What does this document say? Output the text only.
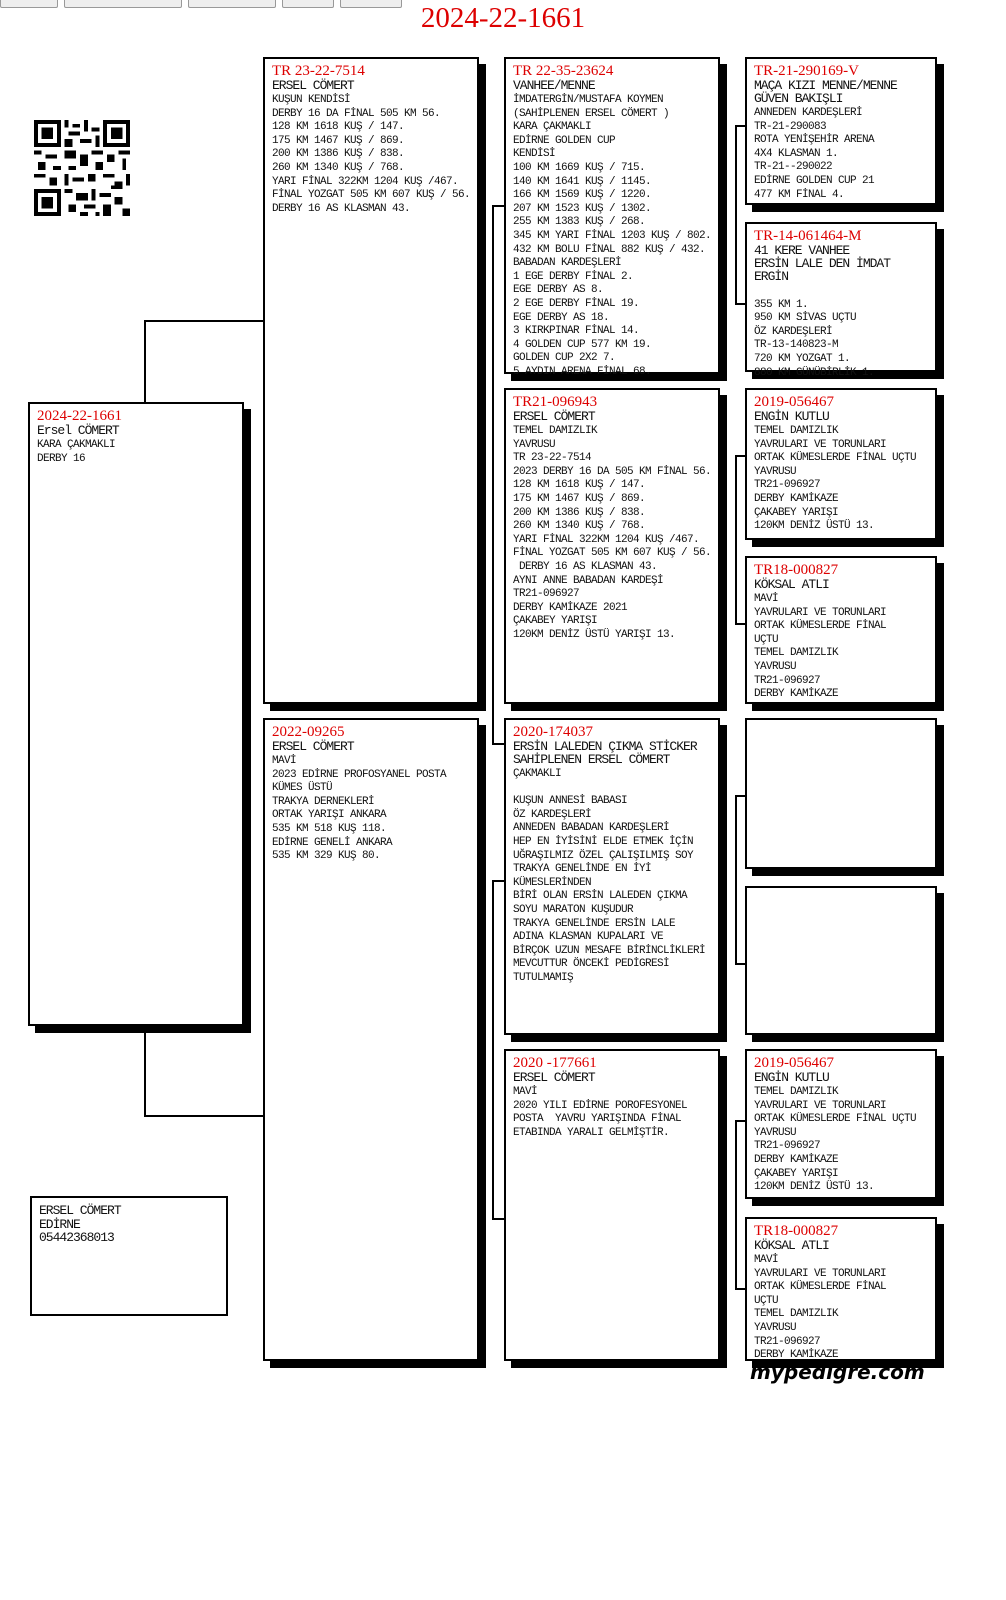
2024-22-1661
2024-22-1661
Ersel CÖMERT
KARA ÇAKMAKLI
DERBY 16
TR 23-22-7514
ERSEL CÖMERT
KUŞUN KENDİSİ
DERBY 16 DA FİNAL 505 KM 56.
128 KM 1618 KUŞ / 147.
175 KM 1467 KUŞ / 869.
200 KM 1386 KUŞ / 838.
260 KM 1340 KUŞ / 768.
YARI FİNAL 322KM 1204 KUŞ /467.
FİNAL YOZGAT 505 KM 607 KUŞ / 56.
DERBY 16 AS KLASMAN 43.
2022-09265
ERSEL CÖMERT
MAVİ
2023 EDİRNE PROFOSYANEL POSTA
KÜMES ÜSTÜ
TRAKYA DERNEKLERİ
ORTAK YARIŞI ANKARA
535 KM 518 KUŞ 118.
EDİRNE GENELİ ANKARA
535 KM 329 KUŞ 80.
TR 22-35-23624
VANHEE/MENNE
İMDATERGİN/MUSTAFA KOYMEN
(SAHİPLENEN ERSEL CÖMERT )
KARA ÇAKMAKLI
EDİRNE GOLDEN CUP
KENDİSİ
100 KM 1669 KUŞ / 715.
140 KM 1641 KUŞ / 1145.
166 KM 1569 KUŞ / 1220.
207 KM 1523 KUŞ / 1302.
255 KM 1383 KUŞ / 268.
345 KM YARI FİNAL 1203 KUŞ / 802.
432 KM BOLU FİNAL 882 KUŞ / 432.
BABADAN KARDEŞLERİ
1 EGE DERBY FİNAL 2.
EGE DERBY AS 8.
2 EGE DERBY FİNAL 19.
EGE DERBY AS 18.
3 KIRKPINAR FİNAL 14.
4 GOLDEN CUP 577 KM 19.
GOLDEN CUP 2X2 7.
5 AYDIN ARENA FİNAL 68.
TR21-096943
ERSEL CÖMERT
TEMEL DAMIZLIK
YAVRUSU
TR 23-22-7514
2023 DERBY 16 DA 505 KM FİNAL 56.
128 KM 1618 KUŞ / 147.
175 KM 1467 KUŞ / 869.
200 KM 1386 KUŞ / 838.
260 KM 1340 KUŞ / 768.
YARI FİNAL 322KM 1204 KUŞ /467.
FİNAL YOZGAT 505 KM 607 KUŞ / 56.
DERBY 16 AS KLASMAN 43.
AYNI ANNE BABADAN KARDEŞİ
TR21-096927
DERBY KAMİKAZE 2021
ÇAKABEY YARIŞI
120KM DENİZ ÜSTÜ YARIŞI 13.
2020-174037
ERSİN LALEDEN ÇIKMA STİCKER
SAHİPLENEN ERSEL CÖMERT
ÇAKMAKLI

KUŞUN ANNESİ BABASI
ÖZ KARDEŞLERİ
ANNEDEN BABADAN KARDEŞLERİ
HEP EN İYİSİNİ ELDE ETMEK İÇİN
UĞRAŞILMIZ ÖZEL ÇALIŞILMIŞ SOY
TRAKYA GENELİNDE EN İYİ
KÜMESLERİNDEN
BİRİ OLAN ERSİN LALEDEN ÇIKMA
SOYU MARATON KUŞUDUR
TRAKYA GENELİNDE ERSİN LALE
ADINA KLASMAN KUPALARI VE
BİRÇOK UZUN MESAFE BİRİNCLİKLERİ
MEVCUTTUR ÖNCEKİ PEDİGRESİ
TUTULMAMIŞ
2020 -177661
ERSEL CÖMERT
MAVİ
2020 YILI EDİRNE POROFESYONEL
POSTA  YAVRU YARIŞINDA FİNAL
ETABINDA YARALI GELMİŞTİR.
TR-21-290169-V
MAÇA KIZI MENNE/MENNE
GÜVEN BAKIŞLI
ANNEDEN KARDEŞLERİ
TR-21-290083
ROTA YENİŞEHİR ARENA
4X4 KLASMAN 1.
TR-21--290022
EDİRNE GOLDEN CUP 21
477 KM FİNAL 4.
TR-14-061464-M
41 KERE VANHEE
ERSİN LALE DEN İMDAT
ERGİN

355 KM 1.
950 KM SİVAS UÇTU
ÖZ KARDEŞLERİ
TR-13-140823-M
720 KM YOZGAT 1.
880 KM GÜNÜBİRLİK 1.
2019-056467
ENGİN KUTLU
TEMEL DAMIZLIK
YAVRULARI VE TORUNLARI
ORTAK KÜMESLERDE FİNAL UÇTU
YAVRUSU
TR21-096927
DERBY KAMİKAZE
ÇAKABEY YARIŞI
120KM DENİZ ÜSTÜ 13.
TR18-000827
KÖKSAL ATLI
MAVİ
YAVRULARI VE TORUNLARI
ORTAK KÜMESLERDE FİNAL
UÇTU
TEMEL DAMIZLIK
YAVRUSU
TR21-096927
DERBY KAMİKAZE
2019-056467
ENGİN KUTLU
TEMEL DAMIZLIK
YAVRULARI VE TORUNLARI
ORTAK KÜMESLERDE FİNAL UÇTU
YAVRUSU
TR21-096927
DERBY KAMİKAZE
ÇAKABEY YARIŞI
120KM DENİZ ÜSTÜ 13.
TR18-000827
KÖKSAL ATLI
MAVİ
YAVRULARI VE TORUNLARI
ORTAK KÜMESLERDE FİNAL
UÇTU
TEMEL DAMIZLIK
YAVRUSU
TR21-096927
DERBY KAMİKAZE
ERSEL CÖMERT
EDİRNE
05442368013
mypedigre.com
